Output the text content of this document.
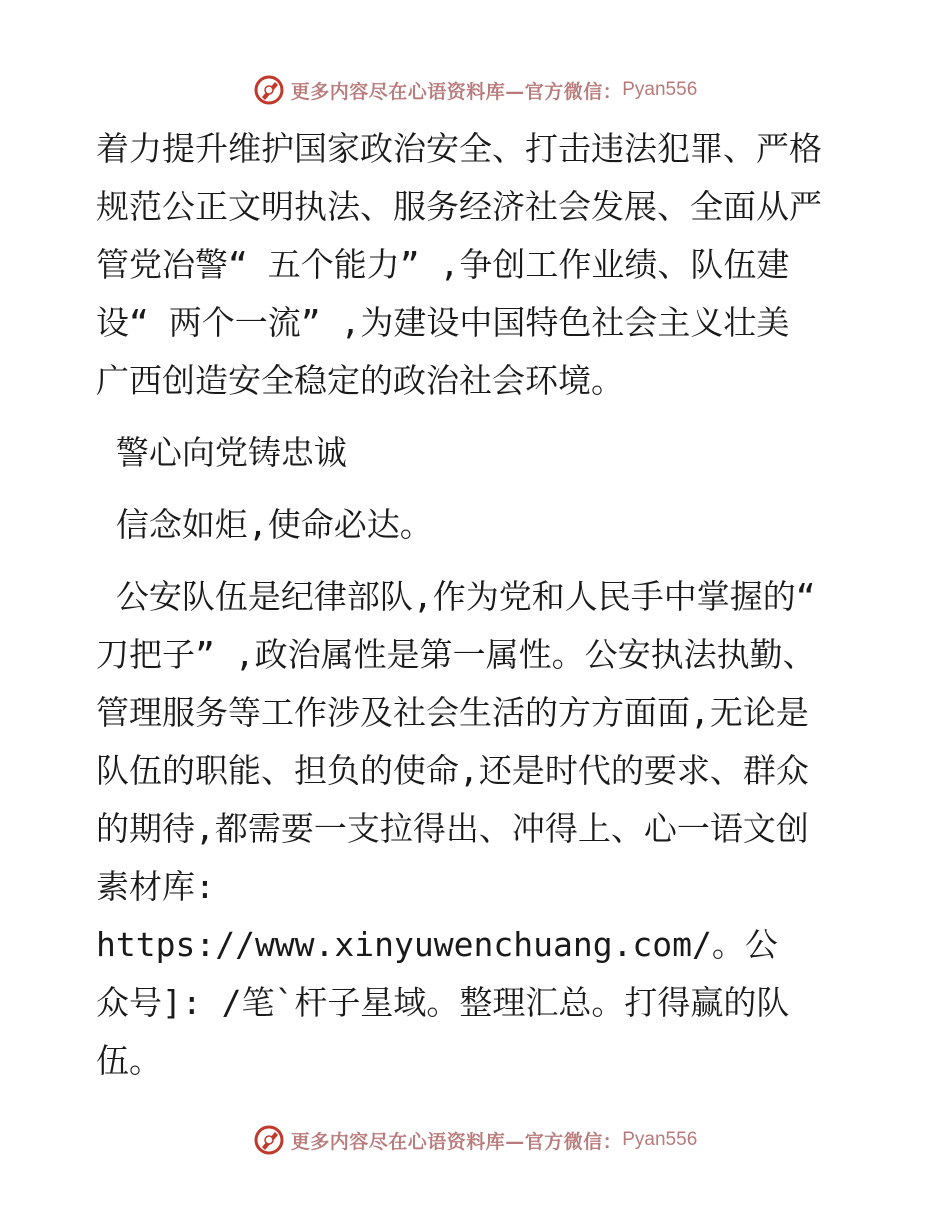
更多内容尽在心语资料库—官方微信： Pyan556

着力提升维护国家政治安全、打击违法犯罪、严格
规范公正文明执法、服务经济社会发展、全面从严
管党冶警“ 五个能力” ,争创工作业绩、队伍建
设“ 两个一流” ,为建设中国特色社会主义壮美
广西创造安全稳定的政治社会环境。

警心向党铸忠诚

信念如炬,使命必达。

公安队伍是纪律部队,作为党和人民手中掌握的“
刀把子” ,政治属性是第一属性。公安执法执勤、
管理服务等工作涉及社会生活的方方面面,无论是
队伍的职能、担负的使命,还是时代的要求、群众
的期待,都需要一支拉得出、冲得上、心一语文创
素材库: https://www.xinyuwenchuang.com/。公
众号]: /笔`杆子星域。整理汇总。打得赢的队
伍。

更多内容尽在心语资料库—官方微信： Pyan556
